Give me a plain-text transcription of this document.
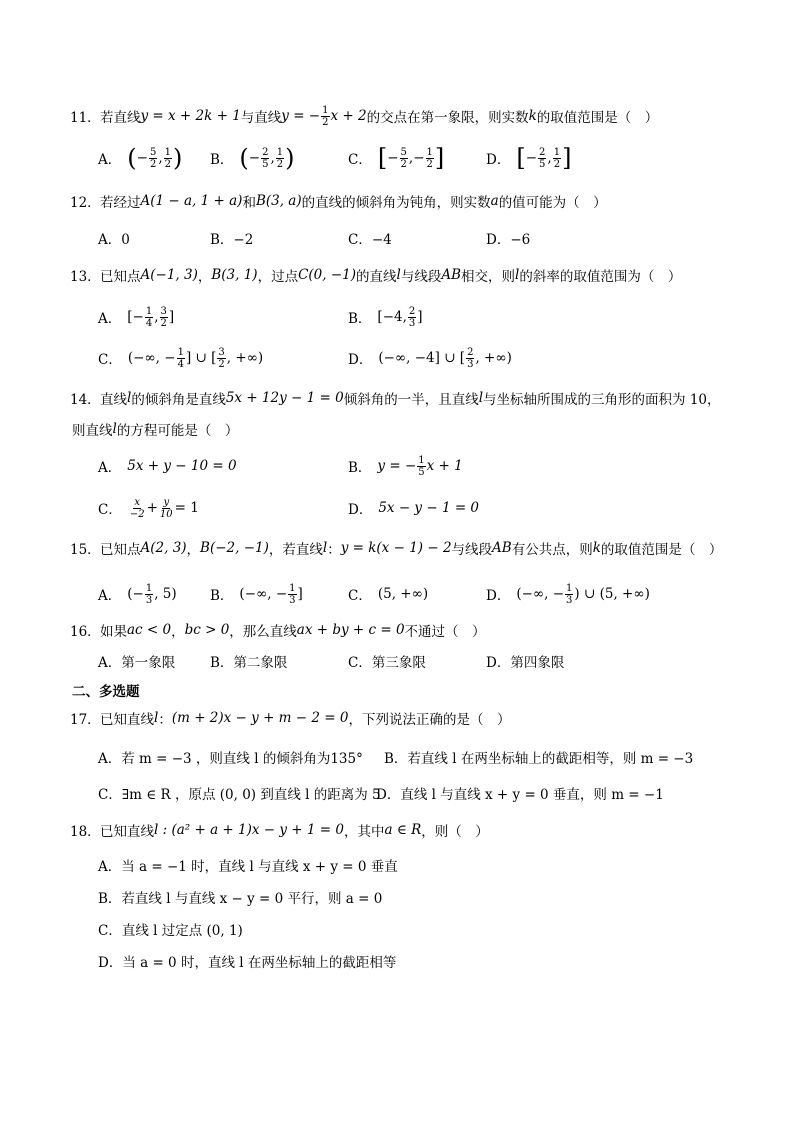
11． 若直线 y = x + 2k + 1 与直线 y = − $\frac{1}{2}$ x + 2 的交点在第一象限，则实数 k 的取值范围是（　）
A． ( − $\frac{5}{2}$ , $\frac{1}{2}$ ) B． ( − $\frac{2}{5}$ , $\frac{1}{2}$ )	C． [ − $\frac{5}{2}$ , − $\frac{1}{2}$ ]	D． [ − $\frac{2}{5}$ , $\frac{1}{2}$ ]
12． 若经过 A(1 − a, 1 + a) 和 B(3, a) 的直线的倾斜角为钝角，则实数 a 的值可能为（　）
A．0	B．−2	C．−4	D．−6
13． 已知点 A(−1, 3) ， B(3, 1) ，过点 C(0, −1) 的直线 l 与线段 AB 相交，则 l 的斜率的取值范围为（　）
A． [− $\frac{1}{4}$ , $\frac{3}{2}$ ]	B． [−4, $\frac{2}{3}$ ]
C． (−∞, − $\frac{1}{4}$ ] ∪ [ $\frac{3}{2}$ , +∞)	D． (−∞, −4] ∪ [ $\frac{2}{3}$ , +∞)
14． 直线 l 的倾斜角是直线 5x + 12y − 1 = 0 倾斜角的一半，且直线 l 与坐标轴所围成的三角形的面积为 10，
则直线 l 的方程可能是（　）
A． 5x + y − 10 = 0	B． y = − $\frac{1}{5}$ x + 1
C． $\frac{x}{-2} + \frac{y}{10} = 1$	D． 5x − y − 1 = 0
15． 已知点 A(2, 3) ， B(−2, −1) ，若直线 l ： y = k(x − 1) − 2 与线段 AB 有公共点，则 k 的取值范围是（　）
A． (− $\frac{1}{3}$ , 5) B． (−∞, − $\frac{1}{3}$ ]	C． (5, +∞)	D． (−∞, − $\frac{1}{3}$ ) ∪ (5, +∞)
16． 如果 ac < 0 ， bc > 0 ，那么直线 ax + by + c = 0 不通过（　）
A．第一象限	B．第二象限	C．第三象限	D．第四象限
二、多选题
17． 已知直线 l ： (m + 2)x − y + m − 2 = 0 ，下列说法正确的是（　）
A．若 m = −3 ，则直线 l 的倾斜角为135° B．若直线 l 在两坐标轴上的截距相等，则 m = −3
C．∃m ∈ R ，原点 (0, 0) 到直线 l 的距离为 5
D．直线 l 与直线 x + y = 0 垂直，则 m = −1
18． 已知直线 l : (a² + a + 1)x − y + 1 = 0 ，其中 a ∈ R ，则（　）
A．当 a = −1 时，直线 l 与直线 x + y = 0 垂直
B．若直线 l 与直线 x − y = 0 平行，则 a = 0
C．直线 l 过定点 (0, 1)
D．当 a = 0 时，直线 l 在两坐标轴上的截距相等
